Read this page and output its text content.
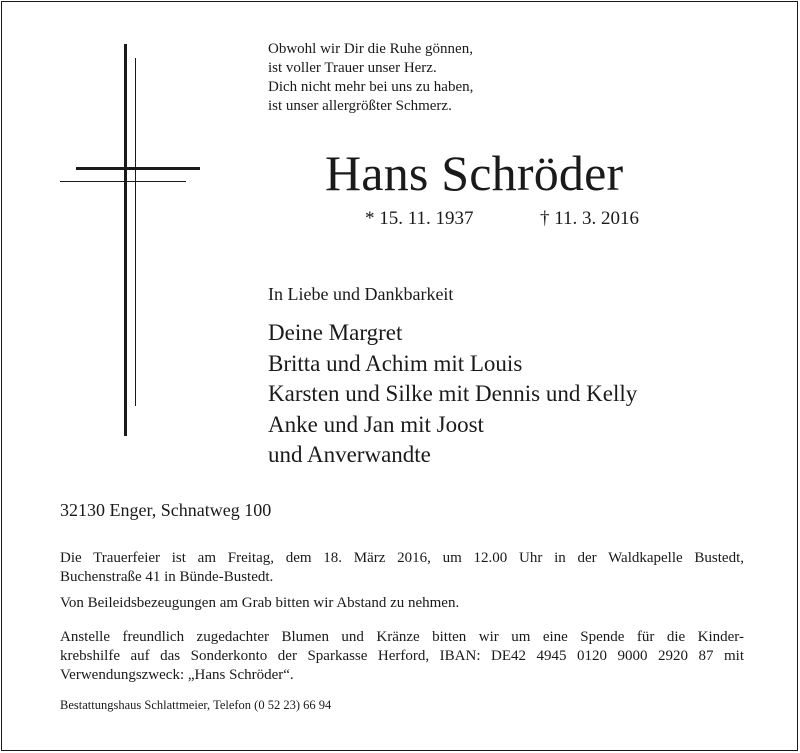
Obwohl wir Dir die Ruhe gönnen,
ist voller Trauer unser Herz.
Dich nicht mehr bei uns zu haben,
ist unser allergrößter Schmerz.
Hans Schröder
* 15. 11. 1937	† 11. 3. 2016
In Liebe und Dankbarkeit
Deine Margret
Britta und Achim mit Louis
Karsten und Silke mit Dennis und Kelly
Anke und Jan mit Joost
und Anverwandte
32130 Enger, Schnatweg 100
Die Trauerfeier ist am Freitag, dem 18. März 2016, um 12.00 Uhr in der Waldkapelle Bustedt,
Buchenstraße 41 in Bünde-Bustedt.
Von Beileidsbezeugungen am Grab bitten wir Abstand zu nehmen.
Anstelle freundlich zugedachter Blumen und Kränze bitten wir um eine Spende für die Kinder-
krebshilfe auf das Sonderkonto der Sparkasse Herford, IBAN: DE42 4945 0120 9000 2920 87 mit
Verwendungszweck: „Hans Schröder“.
Bestattungshaus Schlattmeier, Telefon (0 52 23) 66 94
